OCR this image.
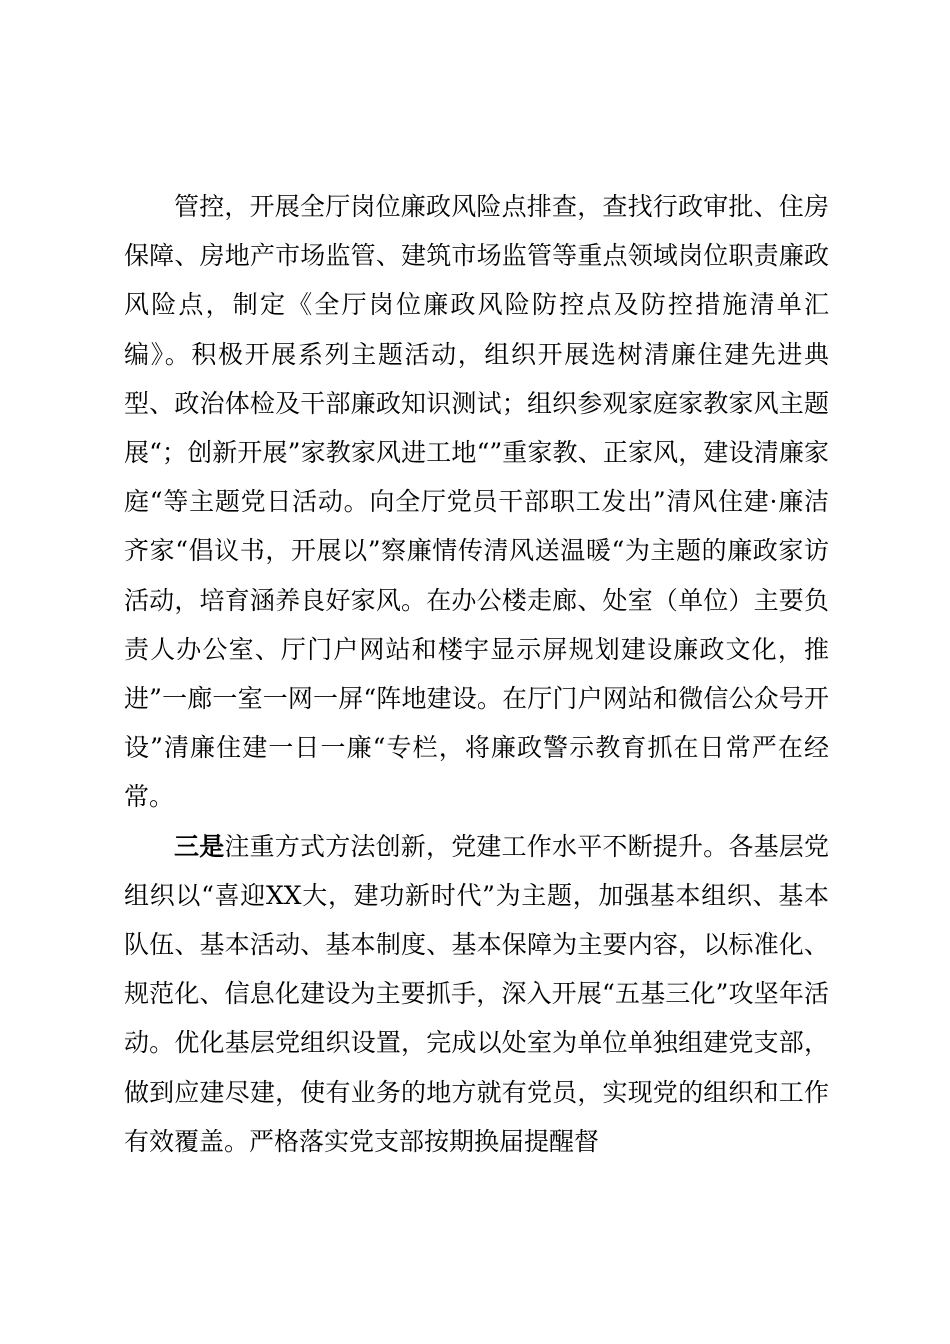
管控，开展全厅岗位廉政风险点排查，查找行政审批、住房保障、房地产市场监管、建筑市场监管等重点领域岗位职责廉政风险点，制定《全厅岗位廉政风险防控点及防控措施清单汇编》。积极开展系列主题活动，组织开展选树清廉住建先进典型、政治体检及干部廉政知识测试；组织参观家庭家教家风主题展“；创新开展”家教家风进工地“”重家教、正家风，建设清廉家庭“等主题党日活动。向全厅党员干部职工发出”清风住建·廉洁齐家“倡议书，开展以”察廉情传清风送温暖“为主题的廉政家访活动，培育涵养良好家风。在办公楼走廊、处室（单位）主要负责人办公室、厅门户网站和楼宇显示屏规划建设廉政文化，推进”一廊一室一网一屏“阵地建设。在厅门户网站和微信公众号开设”清廉住建一日一廉“专栏，将廉政警示教育抓在日常严在经常。

三是注重方式方法创新，党建工作水平不断提升。各基层党组织以“喜迎XX大，建功新时代”为主题，加强基本组织、基本队伍、基本活动、基本制度、基本保障为主要内容，以标准化、规范化、信息化建设为主要抓手，深入开展“五基三化”攻坚年活动。优化基层党组织设置，完成以处室为单位单独组建党支部，做到应建尽建，使有业务的地方就有党员，实现党的组织和工作有效覆盖。严格落实党支部按期换届提醒督
